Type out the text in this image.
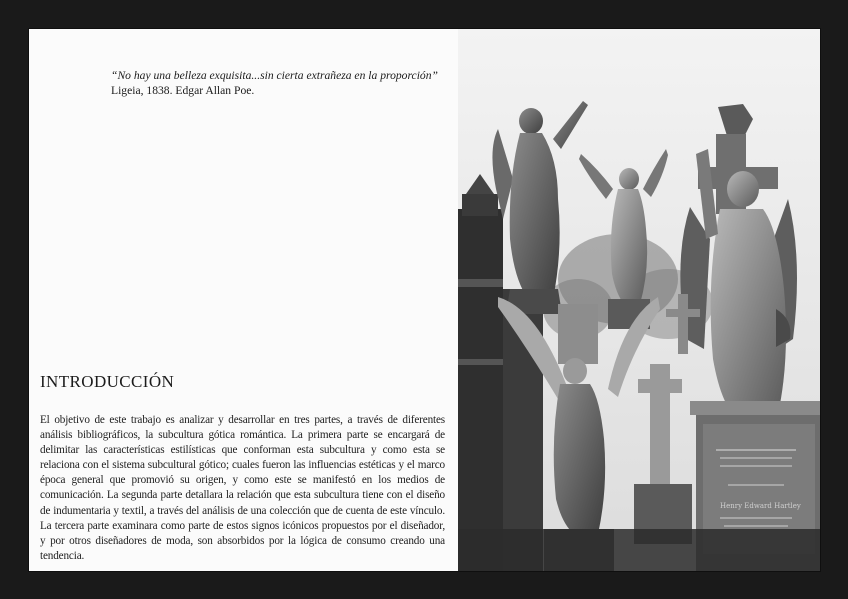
“No hay una belleza exquisita...sin cierta extrañeza en la proporción”
Ligeia, 1838. Edgar Allan Poe.
INTRODUCCIÓN

El objetivo de este trabajo es analizar y desarrollar en tres partes, a través de diferentes análisis bibliográficos, la subcultura gótica romántica. La primera parte se encargará de delimitar las características estilísticas que conforman esta subcultura y como esta se relaciona con el sistema subcultural gótico; cuales fueron las influencias estéticas y el marco época general que promovió su origen, y como este se manifestó en los medios de comunicación. La segunda parte detallara la relación que esta subcultura tiene con el diseño de indumentaria y textil, a través del análisis de una colección que de cuenta de este vínculo. La tercera parte examinara como parte de estos signos icónicos propuestos por el diseñador, y por otros diseñadores de moda, son absorbidos por la lógica de consumo creando una tendencia.

Henry Edward Hartley
